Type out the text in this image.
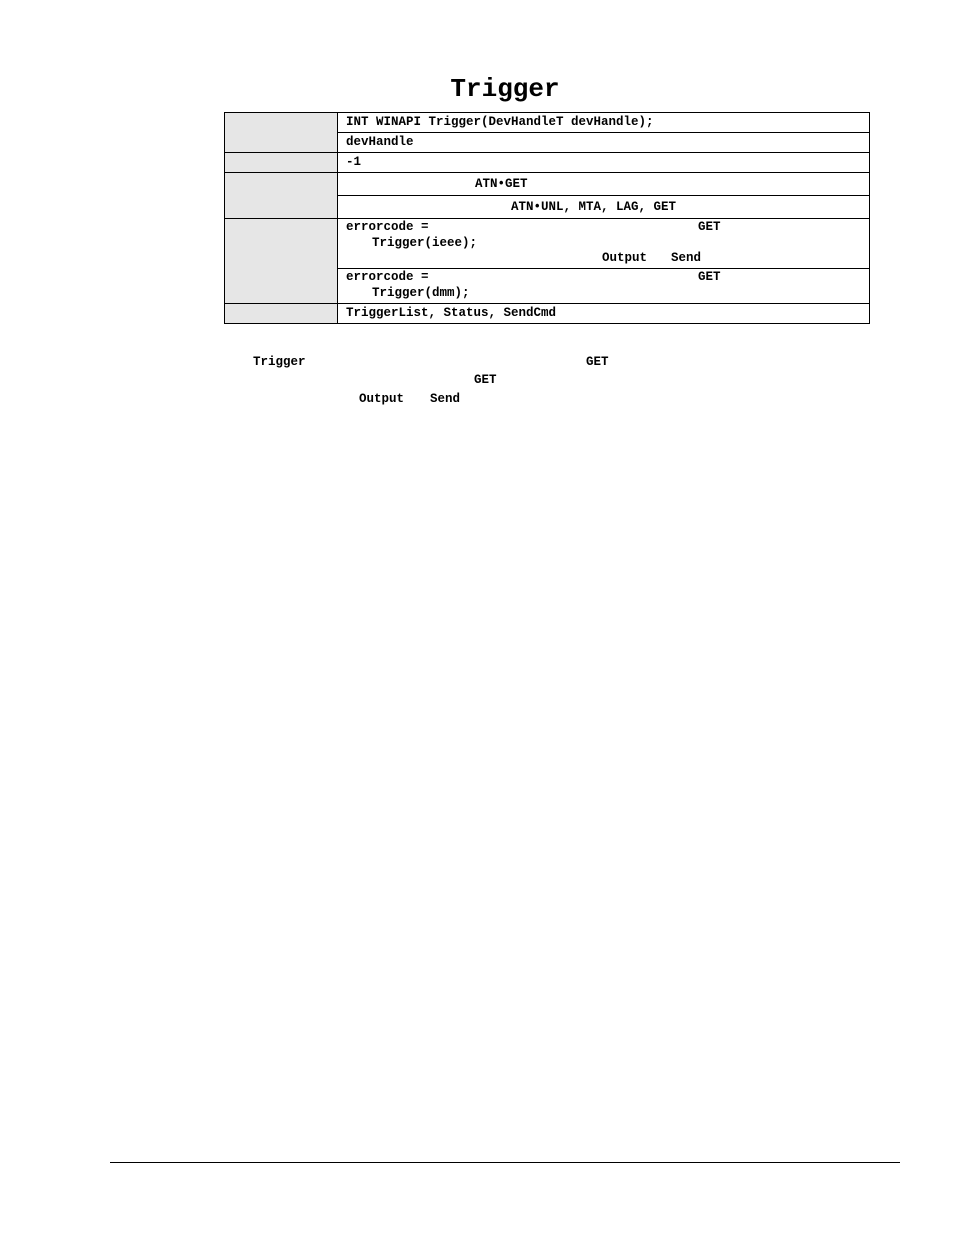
Trigger

	INT WINAPI Trigger(DevHandleT devHandle);

	devHandle

	-1

	ATN•GET

	ATN•UNL, MTA, LAG, GET

	errorcode = GET
Trigger(ieee);
Output Send

	errorcode = GET
Trigger(dmm);

	TriggerList, Status, SendCmd
Trigger	GET
GET
Output Send
